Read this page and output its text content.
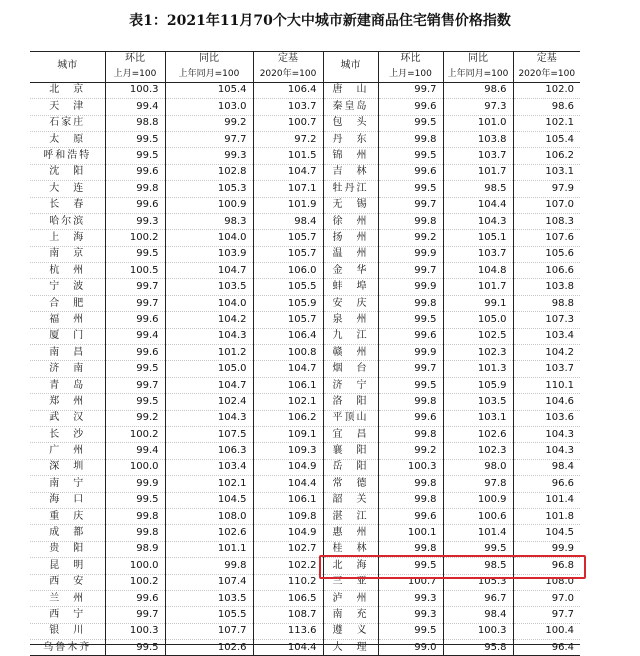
表1：2021年11月70个大中城市新建商品住宅销售价格指数
城市	环比	同比	定基	城市	环比	同比	定基
	上月=100	上年同月=100	2020年=100		上月=100	上年同月=100	2020年=100
北　京	100.3	105.4	106.4	唐　山	99.7	98.6	102.0
天　津	99.4	103.0	103.7	秦皇岛	99.6	97.3	98.6
石家庄	98.8	99.2	100.7	包　头	99.5	101.0	102.1
太　原	99.5	97.7	97.2	丹　东	99.8	103.8	105.4
呼和浩特	99.5	99.3	101.5	锦　州	99.5	103.7	106.2
沈　阳	99.6	102.8	104.7	吉　林	99.6	101.7	103.1
大　连	99.8	105.3	107.1	牡丹江	99.5	98.5	97.9
长　春	99.6	100.9	101.9	无　锡	99.7	104.4	107.0
哈尔滨	99.3	98.3	98.4	徐　州	99.8	104.3	108.3
上　海	100.2	104.0	105.7	扬　州	99.2	105.1	107.6
南　京	99.5	103.9	105.7	温　州	99.9	103.7	105.6
杭　州	100.5	104.7	106.0	金　华	99.7	104.8	106.6
宁　波	99.7	103.5	105.5	蚌　埠	99.9	101.7	103.8
合　肥	99.7	104.0	105.9	安　庆	99.8	99.1	98.8
福　州	99.6	104.2	105.7	泉　州	99.5	105.0	107.3
厦　门	99.4	104.3	106.4	九　江	99.6	102.5	103.4
南　昌	99.6	101.2	100.8	赣　州	99.9	102.3	104.2
济　南	99.5	105.0	104.7	烟　台	99.7	101.3	103.7
青　岛	99.7	104.7	106.1	济　宁	99.5	105.9	110.1
郑　州	99.5	102.4	102.1	洛　阳	99.8	103.5	104.6
武　汉	99.2	104.3	106.2	平顶山	99.6	103.1	103.6
长　沙	100.2	107.5	109.1	宜　昌	99.8	102.6	104.3
广　州	99.4	106.3	109.3	襄　阳	99.2	102.3	104.3
深　圳	100.0	103.4	104.9	岳　阳	100.3	98.0	98.4
南　宁	99.9	102.1	104.4	常　德	99.8	97.8	96.6
海　口	99.5	104.5	106.1	韶　关	99.8	100.9	101.4
重　庆	99.8	108.0	109.8	湛　江	99.6	100.6	101.8
成　都	99.8	102.6	104.9	惠　州	100.1	101.4	104.5
贵　阳	98.9	101.1	102.7	桂　林	99.8	99.5	99.9
昆　明	100.0	99.8	102.2	北　海	99.5	98.5	96.8
西　安	100.2	107.4	110.2	三　亚	100.7	105.3	108.0
兰　州	99.6	103.5	106.5	泸　州	99.3	96.7	97.0
西　宁	99.7	105.5	108.7	南　充	99.3	98.4	97.7
银　川	100.3	107.7	113.6	遵　义	99.5	100.3	100.4
乌鲁木齐	99.5	102.6	104.4	大　理	99.0	95.8	96.4
